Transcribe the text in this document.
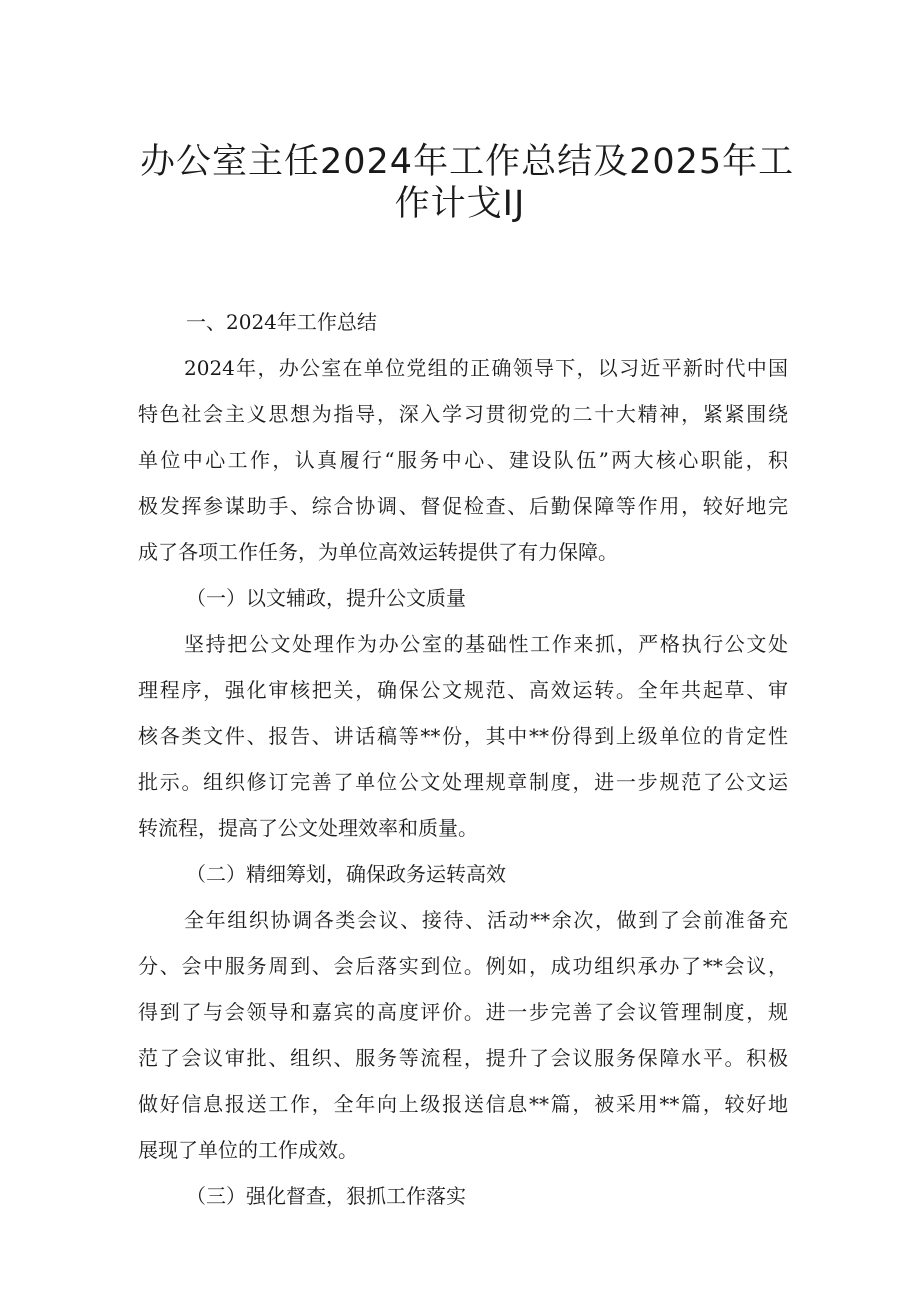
办公室主任2024年工作总结及2025年工
作计戈IJ
一、2024年工作总结
2024年，办公室在单位党组的正确领导下，以习近平新时代中国
特色社会主义思想为指导，深入学习贯彻党的二十大精神，紧紧围绕
单位中心工作，认真履行“服务中心、建设队伍”两大核心职能，积
极发挥参谋助手、综合协调、督促检查、后勤保障等作用，较好地完
成了各项工作任务，为单位高效运转提供了有力保障。
（一）以文辅政，提升公文质量
坚持把公文处理作为办公室的基础性工作来抓，严格执行公文处
理程序，强化审核把关，确保公文规范、高效运转。全年共起草、审
核各类文件、报告、讲话稿等**份，其中**份得到上级单位的肯定性
批示。组织修订完善了单位公文处理规章制度，进一步规范了公文运
转流程，提高了公文处理效率和质量。
（二）精细筹划，确保政务运转高效
全年组织协调各类会议、接待、活动**余次，做到了会前准备充
分、会中服务周到、会后落实到位。例如，成功组织承办了**会议，
得到了与会领导和嘉宾的高度评价。进一步完善了会议管理制度，规
范了会议审批、组织、服务等流程，提升了会议服务保障水平。积极
做好信息报送工作，全年向上级报送信息**篇，被采用**篇，较好地
展现了单位的工作成效。
（三）强化督查，狠抓工作落实
